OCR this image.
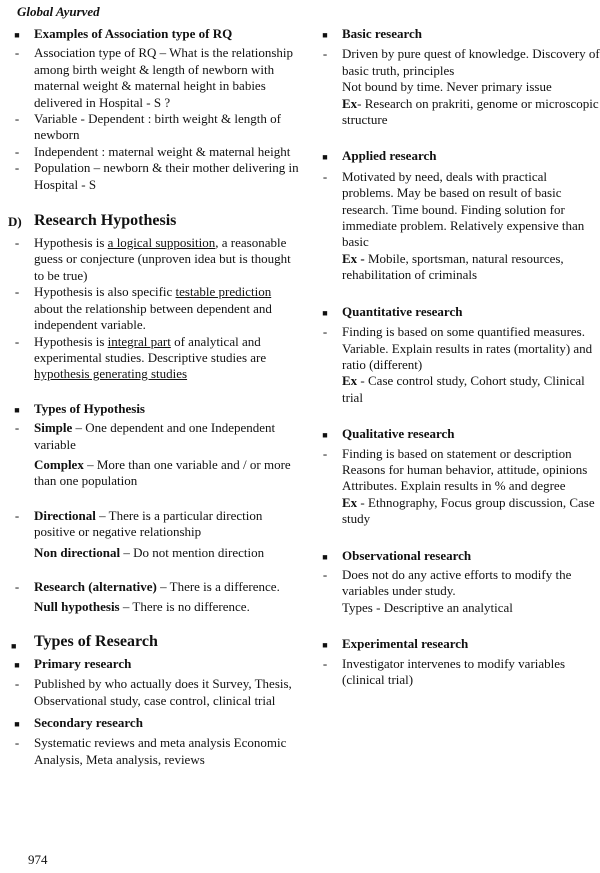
Global Ayurved
■	Examples of Association type of RQ
-	Association type of RQ – What is the relationship among birth weight & length of newborn with maternal weight & maternal height in babies delivered in Hospital - S ?
-	Variable - Dependent : birth weight & length of newborn
-	Independent : maternal weight & maternal height
-	Population – newborn & their mother delivering in Hospital - S
D) Research Hypothesis
-	Hypothesis is a logical supposition, a reasonable guess or conjecture (unproven idea but is thought to be true)
-	Hypothesis is also specific testable prediction about the relationship between dependent and independent variable.
-	Hypothesis is integral part of analytical and experimental studies. Descriptive studies are hypothesis generating studies
■	Types of Hypothesis
-	Simple – One dependent and one Independent variable
Complex – More than one variable and / or more than one population
-	Directional – There is a particular direction positive or negative relationship
Non directional – Do not mention direction
-	Research (alternative) – There is a difference.
Null hypothesis – There is no difference.
■ Types of Research
■	Primary research
-	Published by who actually does it Survey, Thesis, Observational study, case control, clinical trial
■	Secondary research
-	Systematic reviews and meta analysis Economic Analysis, Meta analysis, reviews
■	Basic research
-	Driven by pure quest of knowledge. Discovery of basic truth, principles
Not bound by time. Never primary issue
Ex- Research on prakriti, genome or microscopic structure
■	Applied research
-	Motivated by need, deals with practical problems. May be based on result of basic research. Time bound. Finding solution for immediate problem. Relatively expensive than basic
Ex - Mobile, sportsman, natural resources, rehabilitation of criminals
■	Quantitative research
-	Finding is based on some quantified measures. Variable. Explain results in rates (mortality) and ratio (different)
Ex - Case control study, Cohort study, Clinical trial
■	Qualitative research
-	Finding is based on statement or description
Reasons for human behavior, attitude, opinions
Attributes. Explain results in % and degree
Ex - Ethnography, Focus group discussion, Case study
■	Observational research
-	Does not do any active efforts to modify the variables under study.
Types - Descriptive an analytical
■	Experimental research
-	Investigator intervenes to modify variables (clinical trial)
974
